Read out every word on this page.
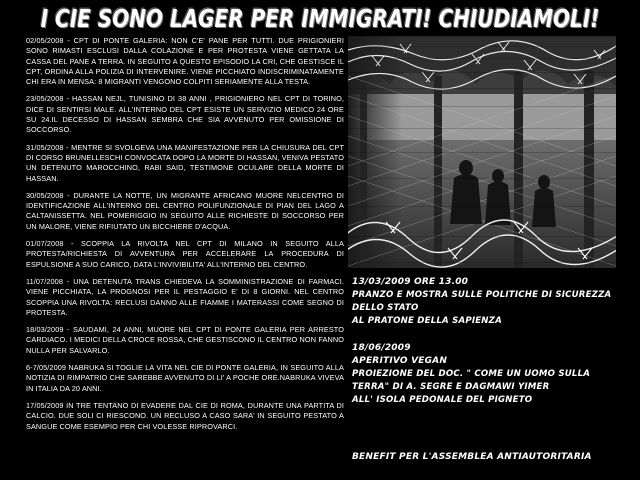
I CIE SONO LAGER PER IMMIGRATI! CHIUDIAMOLI!

02/05/2008 - CPT DI PONTE GALERIA: NON C'E' PANE PER TUTTI. DUE PRIGIONIERI SONO RIMASTI ESCLUSI DALLA COLAZIONE E PER PROTESTA VIENE GETTATA LA CASSA DEL PANE A TERRA. IN SEGUITO A QUESTO EPISODIO LA CRI, CHE GESTISCE IL CPT, ORDINA ALLA POLIZIA DI INTERVENIRE. VIENE PICCHIATO INDISCRIMINATAMENTE CHI ERA IN MENSA: 8 MIGRANTI VENGONO COLPITI SERIAMENTE ALLA TESTA.

23/05/2008 - HASSAN NEJL, TUNISINO DI 38 ANNI , PRIGIONIERO NEL CPT DI TORINO, DICE DI SENTIRSI MALE. ALL'INTERNO DEL CPT ESISTE UN SERVIZIO MEDICO 24 ORE SU 24.IL DECESSO DI HASSAN SEMBRA CHE SIA AVVENUTO PER OMISSIONE DI SOCCORSO.

31/05/2008 - MENTRE SI SVOLGEVA UNA MANIFESTAZIONE PER LA CHIUSURA DEL CPT DI CORSO BRUNELLESCHI CONVOCATA DOPO LA MORTE DI HASSAN, VENIVA PESTATO UN DETENUTO MAROCCHINO, RABI SAID, TESTIMONE OCULARE DELLA MORTE DI HASSAN.

30/05/2008 - DURANTE LA NOTTE, UN MIGRANTE AFRICANO MUORE NELCENTRO DI IDENTIFICAZIONE ALL'INTERNO DEL CENTRO POLIFUNZIONALE DI PIAN DEL LAGO A CALTANISSETTA. NEL POMERIGGIO IN SEGUITO ALLE RICHIESTE DI SOCCORSO PER UN MALORE, VIENE RIFIUTATO UN BICCHIERE D'ACQUA.

01/07/2008 - SCOPPIA LA RIVOLTA NEL CPT DI MILANO IN SEGUITO ALLA PROTESTA/RICHIESTA DI AVVENTURA PER ACCELERARE LA PROCEDURA DI ESPULSIONE A SUO CARICO, DATA L'INVIVIBILITA' ALL'INTERNO DEL CENTRO.

11/07/2008 - UNA DETENUTA TRANS CHIEDEVA LA SOMMINISTRAZIONE DI FARMACI. VIENE PICCHIATA, LA PROGNOSI PER IL PESTAGGIO E' DI 8 GIORNI. NEL CENTRO SCOPPIA UNA RIVOLTA: RECLUSI DANNO ALLE FIAMME I MATERASSI COME SEGNO DI PROTESTA.

18/03/2009 - SAUDAMI, 24 ANNI, MUORE NEL CPT DI PONTE GALERIA PER ARRESTO CARDIACO. I MEDICI DELLA CROCE ROSSA, CHE GESTISCONO IL CENTRO NON FANNO NULLA PER SALVARLO.

6-7/05/2009 NABRUKA SI TOGLIE LA VITA NEL CIE DI PONTE GALERIA, IN SEGUITO ALLA NOTIZIA DI RIMPATRIO CHE SAREBBE AVVENUTO DI LI' A POCHE ORE.NABRUKA VIVEVA IN ITALIA DA 20 ANNI.

17/05/2009 IN TRE TENTANO DI EVADERE DAL CIE DI ROMA, DURANTE UNA PARTITA DI CALCIO. DUE SOLI CI RIESCONO. UN RECLUSO A CASO SARA' IN SEGUITO PESTATO A SANGUE COME ESEMPIO PER CHI VOLESSE RIPROVARCI.

13/03/2009 ORE 13.00
PRANZO E MOSTRA SULLE POLITICHE DI SICUREZZA
DELLO STATO
AL PRATONE DELLA SAPIENZA
18/06/2009
APERITIVO VEGAN
PROIEZIONE DEL DOC. " COME UN UOMO SULLA
TERRA" DI A. SEGRE E DAGMAWI YIMER
ALL' ISOLA PEDONALE DEL PIGNETO
BENEFIT PER L'ASSEMBLEA ANTIAUTORITARIA
